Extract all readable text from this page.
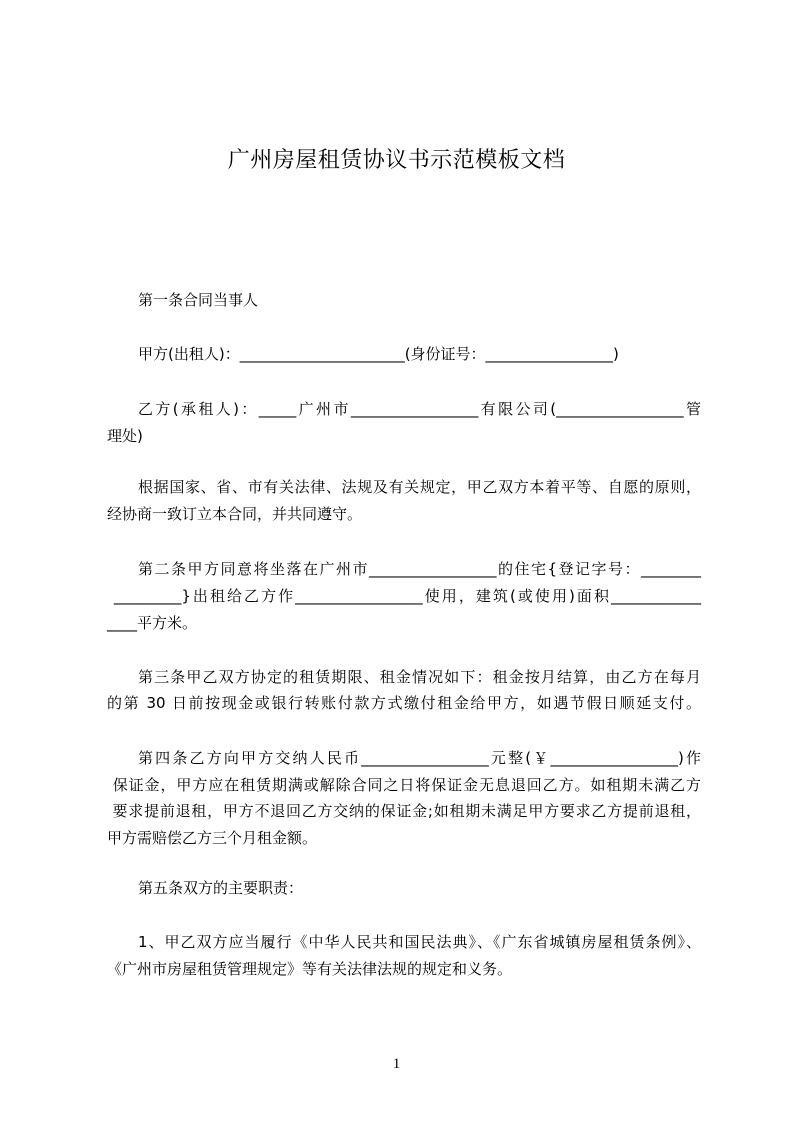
广州房屋租赁协议书示范模板文档
第一条合同当事人
甲方(出租人)：______________________(身份证号：_________________)
乙方(承租人)：_____广州市_________________有限公司(_________________管
理处)
根据国家、省、市有关法律、法规及有关规定，甲乙双方本着平等、自愿的原则，
经协商一致订立本合同，并共同遵守。
第二条甲方同意将坐落在广州市_________________的住宅{登记字号：________
_________}出租给乙方作_________________使用，建筑(或使用)面积____________
____平方米。
第三条甲乙双方协定的租赁期限、租金情况如下：租金按月结算，由乙方在每月
的第 30 日前按现金或银行转账付款方式缴付租金给甲方，如遇节假日顺延支付。
第四条乙方向甲方交纳人民币_________________元整(￥_________________)作
保证金，甲方应在租赁期满或解除合同之日将保证金无息退回乙方。如租期未满乙方
要求提前退租，甲方不退回乙方交纳的保证金;如租期未满足甲方要求乙方提前退租，
甲方需赔偿乙方三个月租金额。
第五条双方的主要职责：
1、甲乙双方应当履行《中华人民共和国民法典》、《广东省城镇房屋租赁条例》、
《广州市房屋租赁管理规定》等有关法律法规的规定和义务。
1
